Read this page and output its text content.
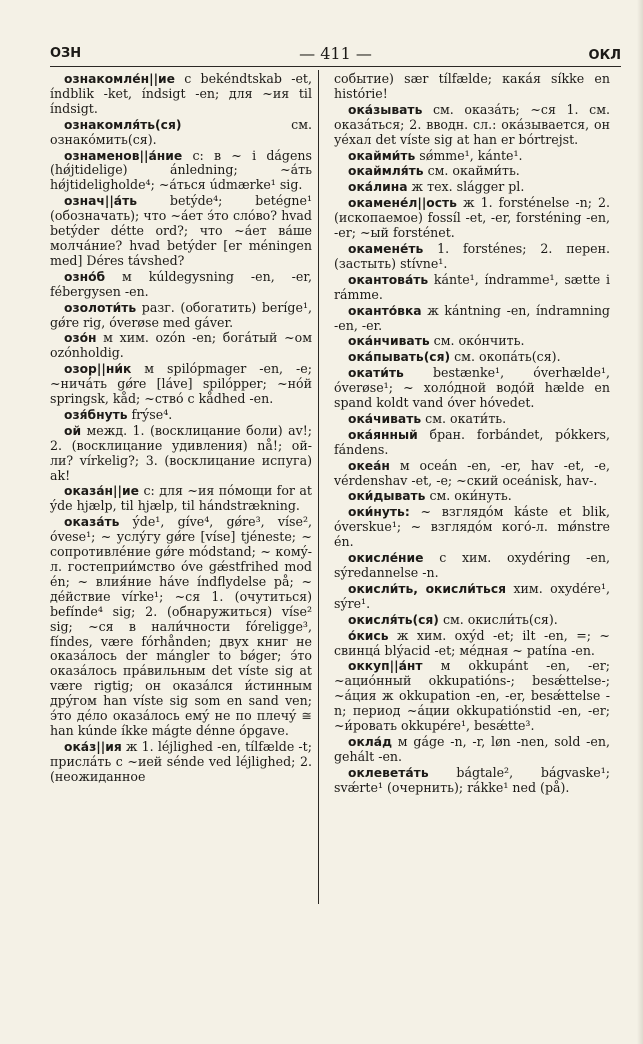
ОЗН	— 411 —	ОКЛ

ознакомле́н||ие с bekéndtskab -et, índblik -ket, índsigt -en; для ~ия til índsigt.

ознакомля́ть(ся) см. ознакóмить(ся).

ознаменов||а́ние с: в ~ i dágens (hǿjtidelige) ánledning; ~а́ть hǿjtideligholde⁴; ~а́ться údmærke¹ sig.

означ||а́ть betýde⁴; betégne¹ (обозначать); что ~а́ет э́то слóво? hvad betýder détte ord?; что ~а́ет ва́ше молча́ние? hvad betýder [er méningen med] Déres távshed?

озно́б м kúldegysning -en, -er, fébergysen -en.

озолоти́ть разг. (обогатить) berígе¹, gǿre rig, óverøse med gáver.

озо́н м хим. ozón -en; богáтый ~ом ozónholdig.

озор||ни́к м spilópmager -en, -e; ~ничáть gǿre [láve] spilópper; ~нóй springsk, kåd; ~ствó с kådhed -en.

озя́бнуть frýse⁴.

ой межд. 1. (восклицание боли) av!; 2. (восклицание удивления) nå!; ой-ли? vírkelig?; 3. (восклицание испуга) ak!

оказа́н||ие с: для ~ия пóмощи for at ýde hjælp, til hjælp, til hándstrækning.

оказа́ть ýde¹, gíve⁴, gǿre³, víse², óvese¹; ~ услу́гу gǿre [víse] tjéneste; ~ сопротивлéние gǿre módstand; ~ комý-л. гостеприи́мство óve gǽstfrihed mod én; ~ влия́ние háve índflydelse på; ~ дéйствие vírke¹; ~ся 1. (очутиться) befínde⁴ sig; 2. (обнаружиться) víse² sig; ~ся в нали́чности fóreligge³, fíndes, være fórhånden; двух книг не оказáлось der mángler to bǿger; э́то оказáлось прáвильным det víste sig at være rigtig; он оказáлся и́стинным дрýгом han víste sig som en sand ven; э́то дéло оказáлось емý не по плечý ≅ han kúnde íkke mágte dénne ópgave.

ока́з||ия ж 1. léjlighed -en, tílfælde -t; прислáть с ~ией sénde ved léjlighed; 2. (неожиданное

событие) sær tílfælde; какáя síkke en históriе!

ока́зывать см. оказáть; ~ся 1. см. оказáться; 2. вводн. сл.: окáзывается, он уéхал det víste sig at han er bórtrejst.

окайми́ть sǿmme¹, kánte¹.

окаймля́ть см. окайми́ть.

ока́лина ж тех. slágger pl.

окамене́л||ость ж 1. forsténelse -n; 2. (ископаемое) fossíl -et, -er, forsténing -en, -er; ~ый forsténet.

окамене́ть 1. forsténes; 2. перен. (застыть) stívne¹.

окантова́ть kánte¹, índramme¹, sætte i rámme.

оканто́вка ж kántning -en, índramning -en, -er.

ока́нчивать см. окóнчить.

ока́пывать(ся) см. окопáть(ся).

окати́ть bestænke¹, óverhælde¹, óverøse¹; ~ холóдной водóй hælde en spand koldt vand óver hóvedet.

ока́чивать см. окати́ть.

ока́янный бран. forbándet, pókkers, fándens.

океа́н м oceán -en, -er, hav -et, -e, vérdenshav -et, -e; ~ский oceánisk, hav-.

оки́дывать см. оки́нуть.

оки́нуть: ~ взглядóм káste et blik, óverskue¹; ~ взглядóм кого́-л. mǿnstre én.

окисле́ние с хим. oxydéring -en, sýredannelse -n.

окисли́ть, окисли́ться хим. oxydére¹, sýre¹.

окисля́ть(ся) см. окисли́ть(ся).

о́кись ж хим. oxýd -et; ilt -en, =; ~ свинцá blýacid -et; мéдная ~ patína -en.

оккуп||а́нт м okkupánt -en, -er; ~ациóнный okkupatións-; besǽttelse-; ~áция ж okkupation -en, -er, besǽttelse -n; период ~áции okkupatiónstid -en, -er; ~и́ровать okkupére¹, besǽtte³.

окла́д м gáge -n, -r, løn -nen, sold -en, gehált -en.

оклевета́ть bágtale², bágvaske¹; svǽrte¹ (очернить); rákke¹ ned (på).
